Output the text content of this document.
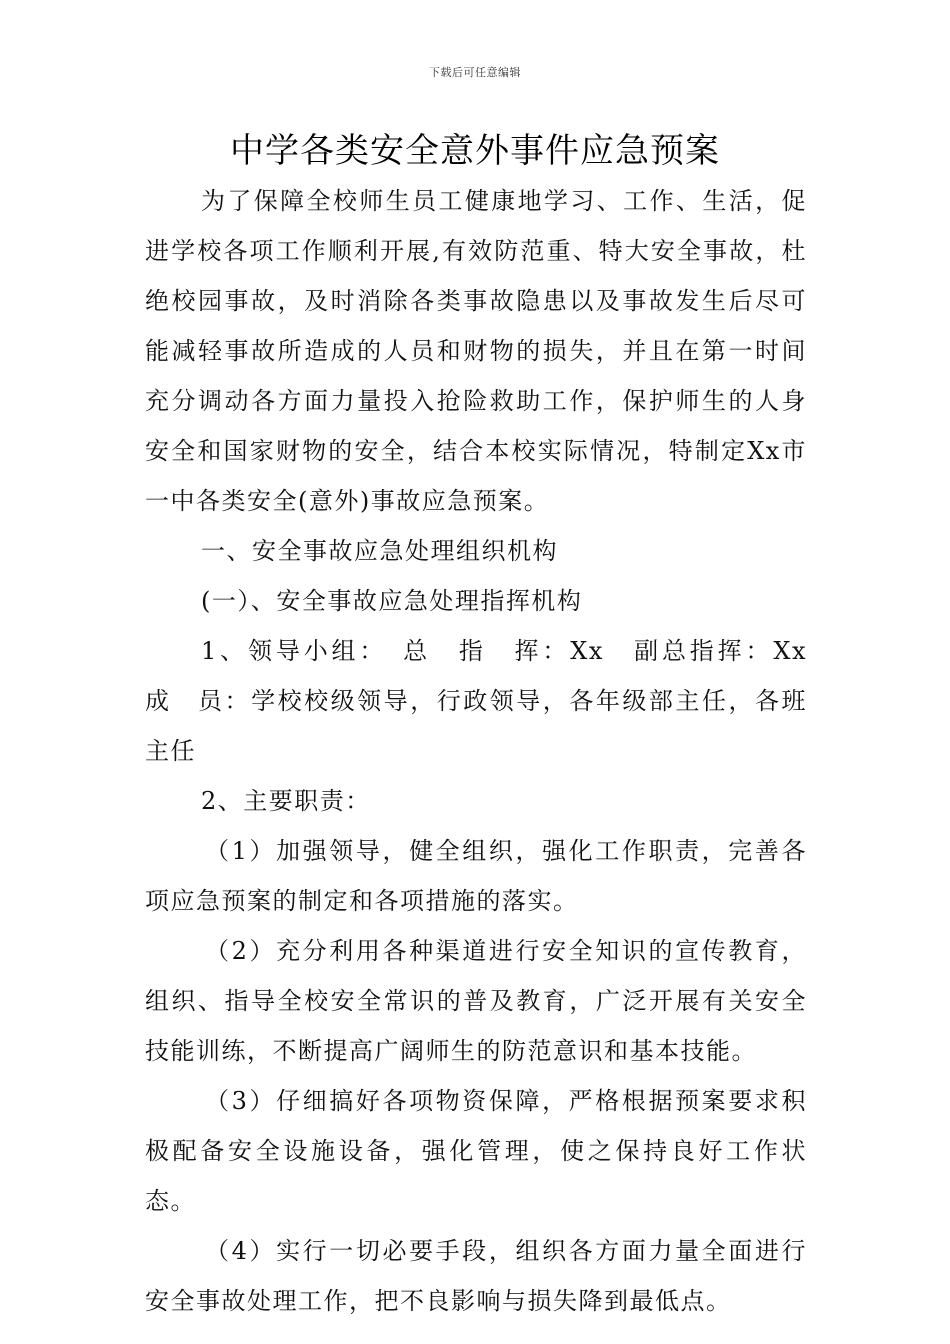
下载后可任意编辑
中学各类安全意外事件应急预案

为了保障全校师生员工健康地学习、工作、生活，促进学校各项工作顺利开展,有效防范重、特大安全事故，杜绝校园事故，及时消除各类事故隐患以及事故发生后尽可能减轻事故所造成的人员和财物的损失，并且在第一时间充分调动各方面力量投入抢险救助工作，保护师生的人身安全和国家财物的安全，结合本校实际情况，特制定Xx市一中各类安全(意外)事故应急预案。

一、安全事故应急处理组织机构

(一）、安全事故应急处理指挥机构

1、领导小组：　总　指　挥：Xx　副总指挥：Xx　成　员：学校校级领导，行政领导，各年级部主任，各班主任

2、主要职责：

（1）加强领导，健全组织，强化工作职责，完善各项应急预案的制定和各项措施的落实。

（2）充分利用各种渠道进行安全知识的宣传教育，组织、指导全校安全常识的普及教育，广泛开展有关安全技能训练，不断提高广阔师生的防范意识和基本技能。

（3）仔细搞好各项物资保障，严格根据预案要求积极配备安全设施设备，强化管理，使之保持良好工作状态。

（4）实行一切必要手段，组织各方面力量全面进行安全事故处理工作，把不良影响与损失降到最低点。
